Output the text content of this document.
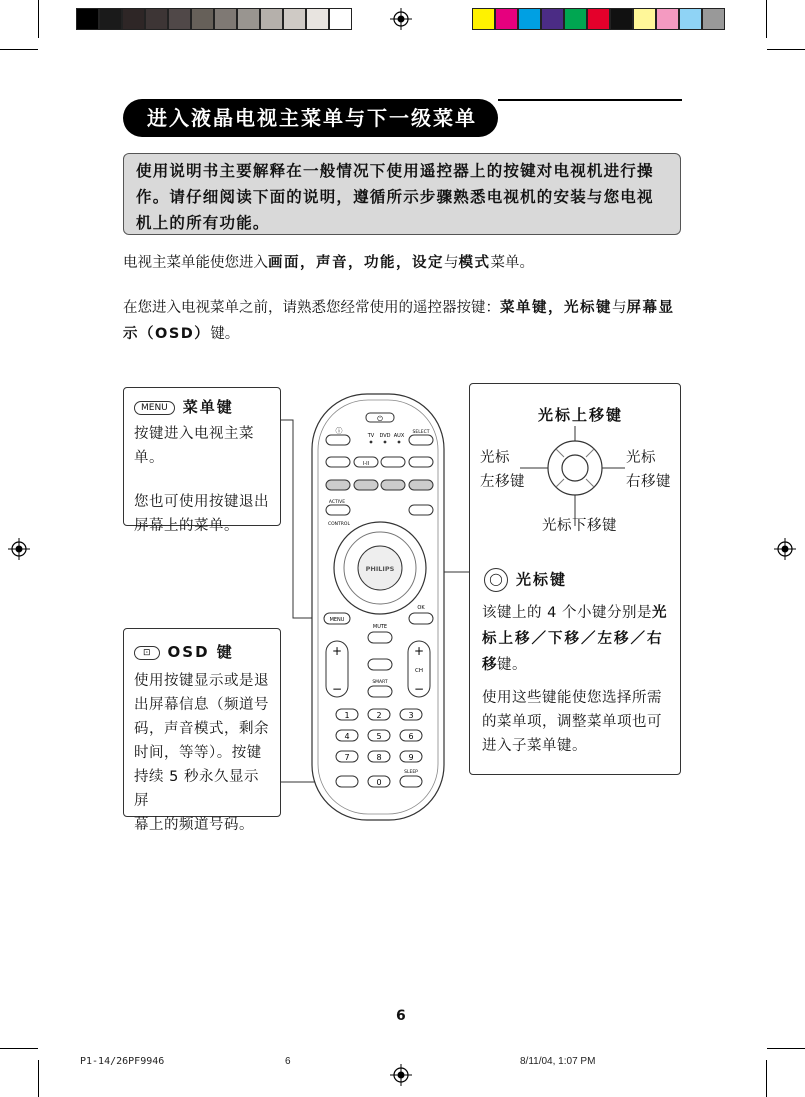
进入液晶电视主菜单与下一级菜单
使用说明书主要解释在一般情况下使用遥控器上的按键对电视机进行操作。请仔细阅读下面的说明，遵循所示步骤熟悉电视机的安装与您电视机上的所有功能。
电视主菜单能使您进入画面，声音，功能，设定与模式菜单。
在您进入电视菜单之前，请熟悉您经常使用的遥控器按键：菜单键，光标键与屏幕显示（OSD）键。
MENU 菜单键
按键进入电视主菜单。
您也可使用按键退出
屏幕上的菜单。
⊡ OSD 键
使用按键显示或是退
出屏幕信息（频道号
码，声音模式，剩余
时间，等等）。按键
持续 5 秒永久显示屏
幕上的频道号码。
光标上移键
光标
左移键
光标
右移键
光标下移键
◯ 光标键
该键上的 4 个小键分别是光 标上移／下移／左移／右 移键。
使用这些键能使您选择所需
的菜单项，调整菜单项也可
进入子菜单键。
⏻
ⓘ
TV DVD AUX
SELECT
I-II
ACTIVE
CONTROL
PHILIPS
MENU
OK
MUTE
+
−
+
CH
−
SMART
1	2	3
4	5	6
7	8	9
0
SLEEP
6
P1-14/26PF9946	6	8/11/04, 1:07 PM
